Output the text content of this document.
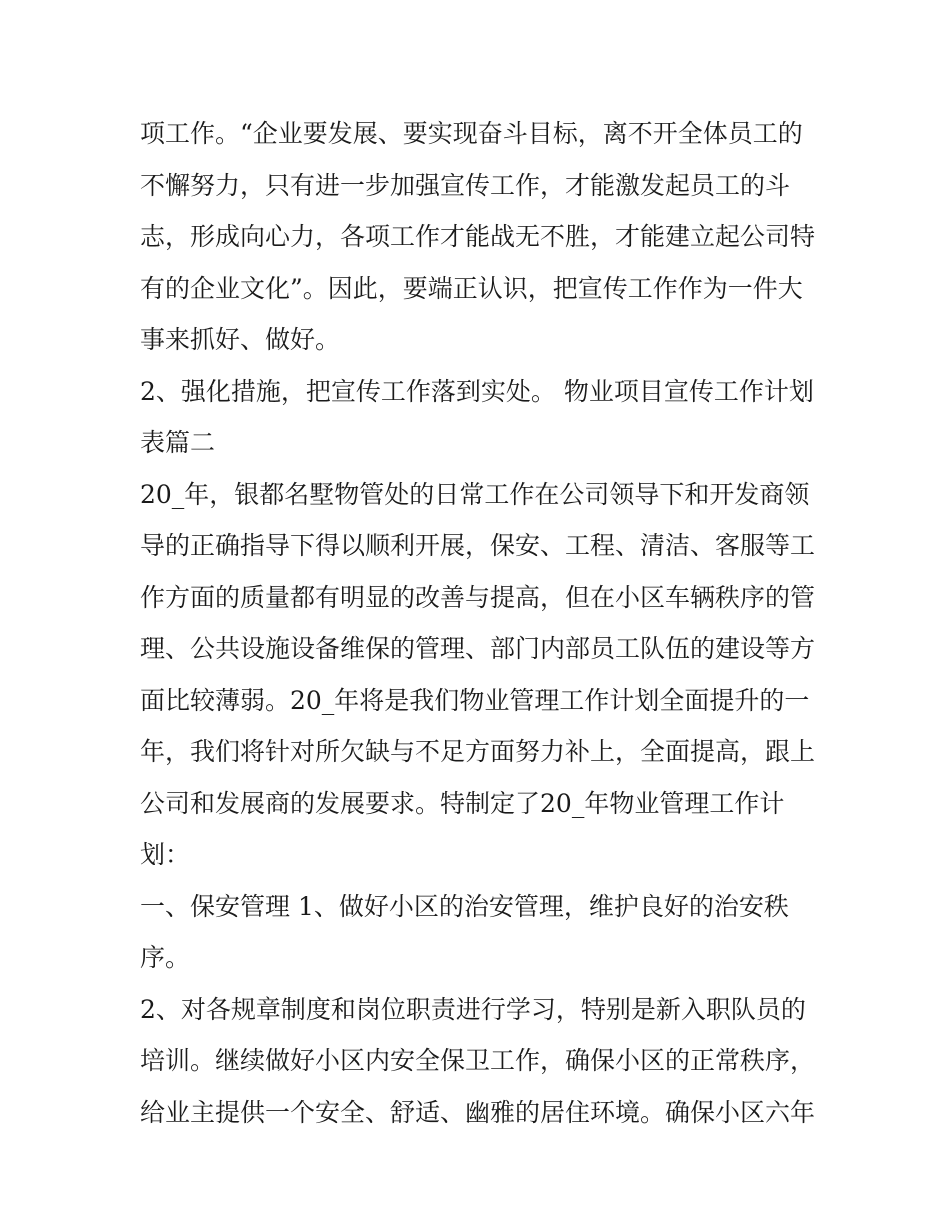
项工作。“企业要发展、要实现奋斗目标，离不开全体员工的
不懈努力，只有进一步加强宣传工作，才能激发起员工的斗
志，形成向心力，各项工作才能战无不胜，才能建立起公司特
有的企业文化”。因此，要端正认识，把宣传工作作为一件大
事来抓好、做好。
2、强化措施，把宣传工作落到实处。 物业项目宣传工作计划
表篇二
20_年，银都名墅物管处的日常工作在公司领导下和开发商领
导的正确指导下得以顺利开展，保安、工程、清洁、客服等工
作方面的质量都有明显的改善与提高，但在小区车辆秩序的管
理、公共设施设备维保的管理、部门内部员工队伍的建设等方
面比较薄弱。20_年将是我们物业管理工作计划全面提升的一
年，我们将针对所欠缺与不足方面努力补上，全面提高，跟上
公司和发展商的发展要求。特制定了20_年物业管理工作计
划：
一、保安管理 1、做好小区的治安管理，维护良好的治安秩
序。
2、对各规章制度和岗位职责进行学习，特别是新入职队员的
培训。继续做好小区内安全保卫工作，确保小区的正常秩序，
给业主提供一个安全、舒适、幽雅的居住环境。确保小区六年
